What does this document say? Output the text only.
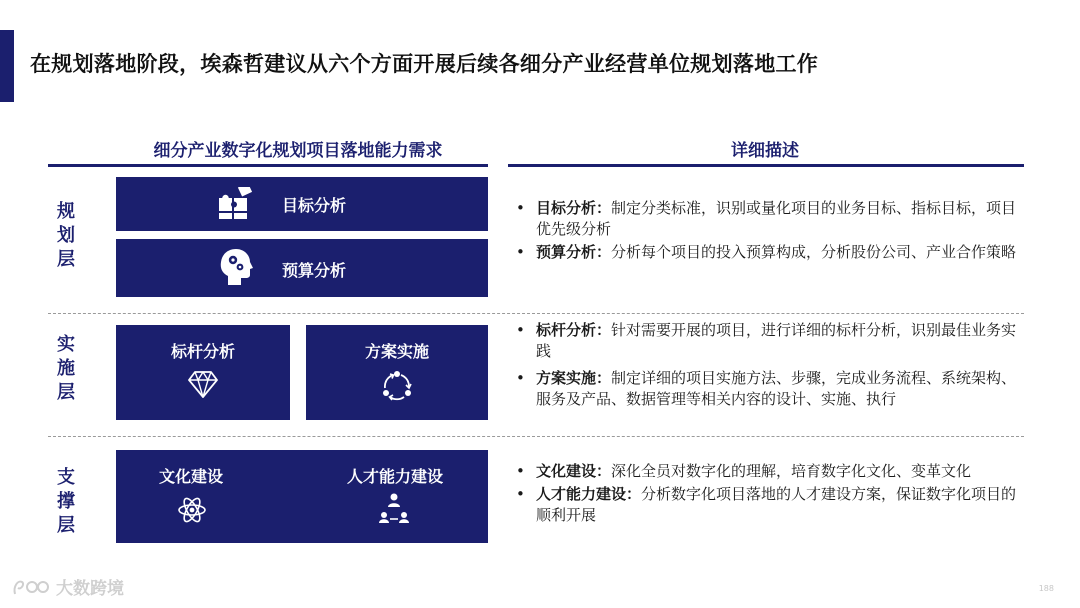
在规划落地阶段，埃森哲建议从六个方面开展后续各细分产业经营单位规划落地工作
细分产业数字化规划项目落地能力需求	详细描述
规划层
目标分析
预算分析
• 目标分析：制定分类标准，识别或量化项目的业务目标、指标目标，项目优先级分析
• 预算分析：分析每个项目的投入预算构成，分析股份公司、产业合作策略
实施层
标杆分析	方案实施
• 标杆分析：针对需要开展的项目，进行详细的标杆分析，识别最佳业务实践
• 方案实施：制定详细的项目实施方法、步骤，完成业务流程、系统架构、服务及产品、数据管理等相关内容的设计、实施、执行
支撑层
文化建设	人才能力建设
•	文化建设：深化全员对数字化的理解，培育数字化文化、变革文化
• 人才能力建设：分析数字化项目落地的人才建设方案，保证数字化项目的顺利开展
大数跨境	188
